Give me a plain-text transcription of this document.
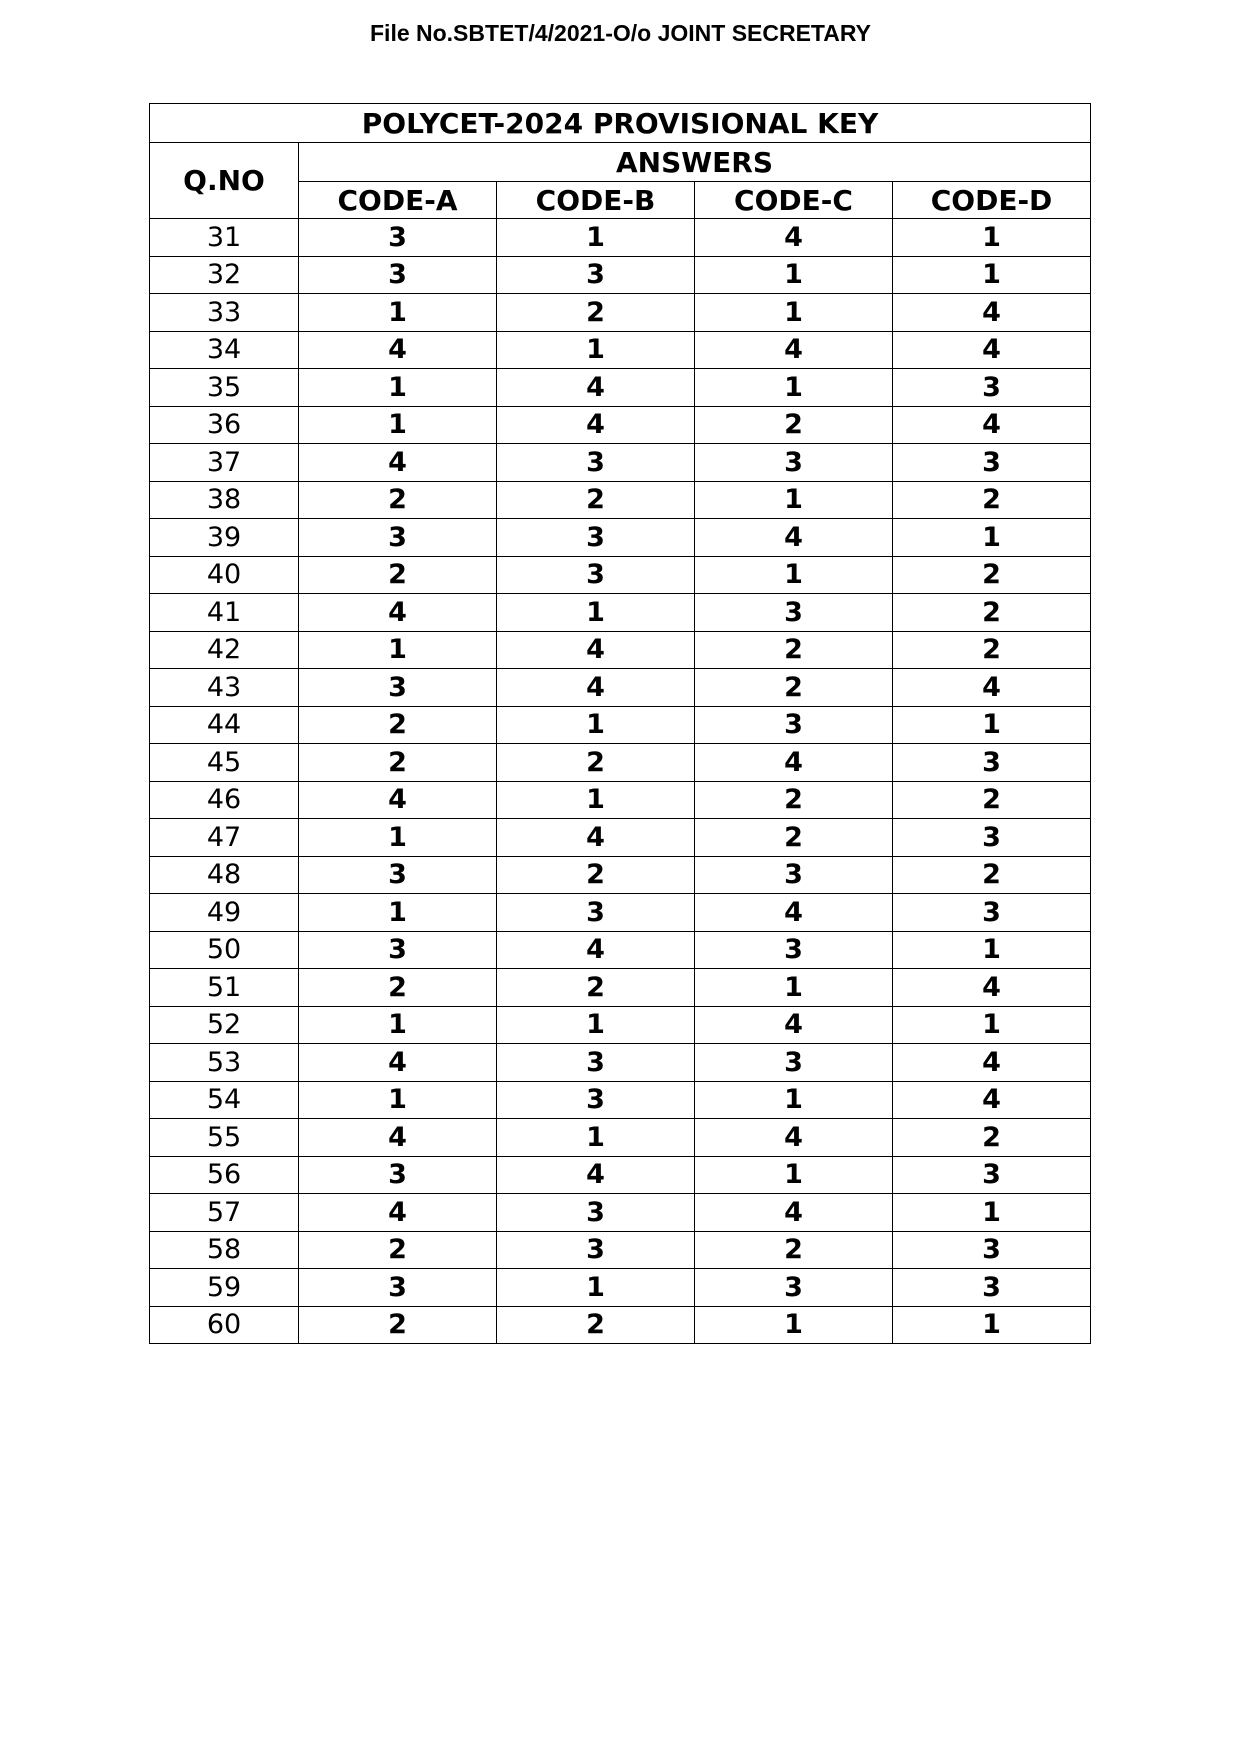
File No.SBTET/4/2021-O/o JOINT SECRETARY
POLYCET-2024 PROVISIONAL KEY				
Q.NO	ANSWERS			
	CODE-A	CODE-B	CODE-C	CODE-D
31	3	1	4	1
32	3	3	1	1
33	1	2	1	4
34	4	1	4	4
35	1	4	1	3
36	1	4	2	4
37	4	3	3	3
38	2	2	1	2
39	3	3	4	1
40	2	3	1	2
41	4	1	3	2
42	1	4	2	2
43	3	4	2	4
44	2	1	3	1
45	2	2	4	3
46	4	1	2	2
47	1	4	2	3
48	3	2	3	2
49	1	3	4	3
50	3	4	3	1
51	2	2	1	4
52	1	1	4	1
53	4	3	3	4
54	1	3	1	4
55	4	1	4	2
56	3	4	1	3
57	4	3	4	1
58	2	3	2	3
59	3	1	3	3
60	2	2	1	1
